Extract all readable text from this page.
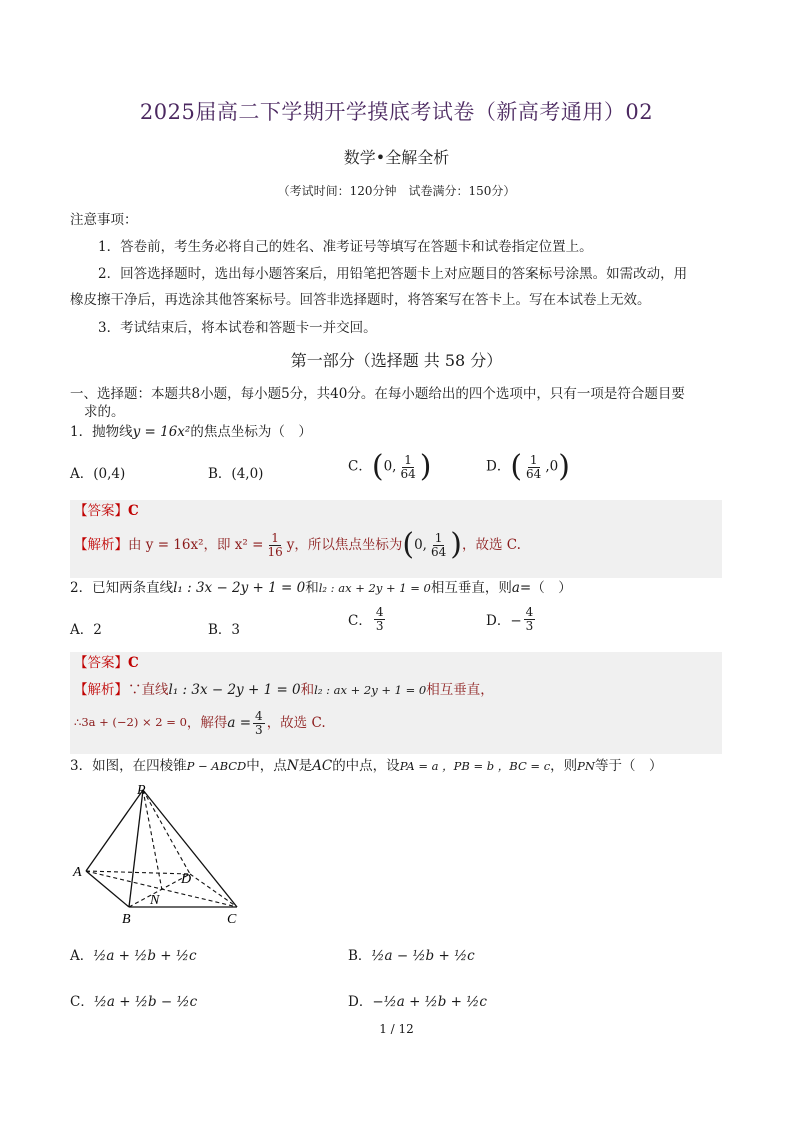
2025届高二下学期开学摸底考试卷（新高考通用）02
数学•全解全析
（考试时间：120分钟　试卷满分：150分）
注意事项：
1．答卷前，考生务必将自己的姓名、准考证号等填写在答题卡和试卷指定位置上。
2．回答选择题时，选出每小题答案后，用铅笔把答题卡上对应题目的答案标号涂黑。如需改动，用
橡皮擦干净后，再选涂其他答案标号。回答非选择题时，将答案写在答卡上。写在本试卷上无效。
3．考试结束后，将本试卷和答题卡一并交回。
第一部分（选择题 共 58 分）
一、选择题：本题共8小题，每小题5分，共40分。在每小题给出的四个选项中，只有一项是符合题目要
求的。
1．抛物线y = 16x²的焦点坐标为（　）
A．(0,4)	B．(4,0)	C．(0, $\frac{1}{64}$ )	D．( $\frac{1}{64} ,0$)
【答案】C
【解析】 由 y = 16x²，即 $x^2 = \frac{1}{16}$ y，所以焦点坐标为 ( 0, $\frac{1}{64}$ ) ，故选 C.
2．已知两条直线l₁ : 3x − 2y + 1 = 0和l₂ : ax + 2y + 1 = 0相互垂直，则a=（　）
A．2	B．3
C． $\frac{4}{3}$	D．− $\frac{4}{3}$
【答案】C
【解析】∵直线l₁ : 3x − 2y + 1 = 0和l₂ : ax + 2y + 1 = 0相互垂直，
∴3a + (−2) × 2 = 0 ，解得 $a = \frac{4}{3}$ ，故选 C.
3．如图，在四棱锥P − ABCD中，点N是AC的中点，设PA = a ，PB = b ，BC = c，则PN等于（　）
P
A
B	C
D
N
A．½a + ½b + ½c	B．½a − ½b + ½c
C．½a + ½b − ½c	D．−½a + ½b + ½c
1 / 12
